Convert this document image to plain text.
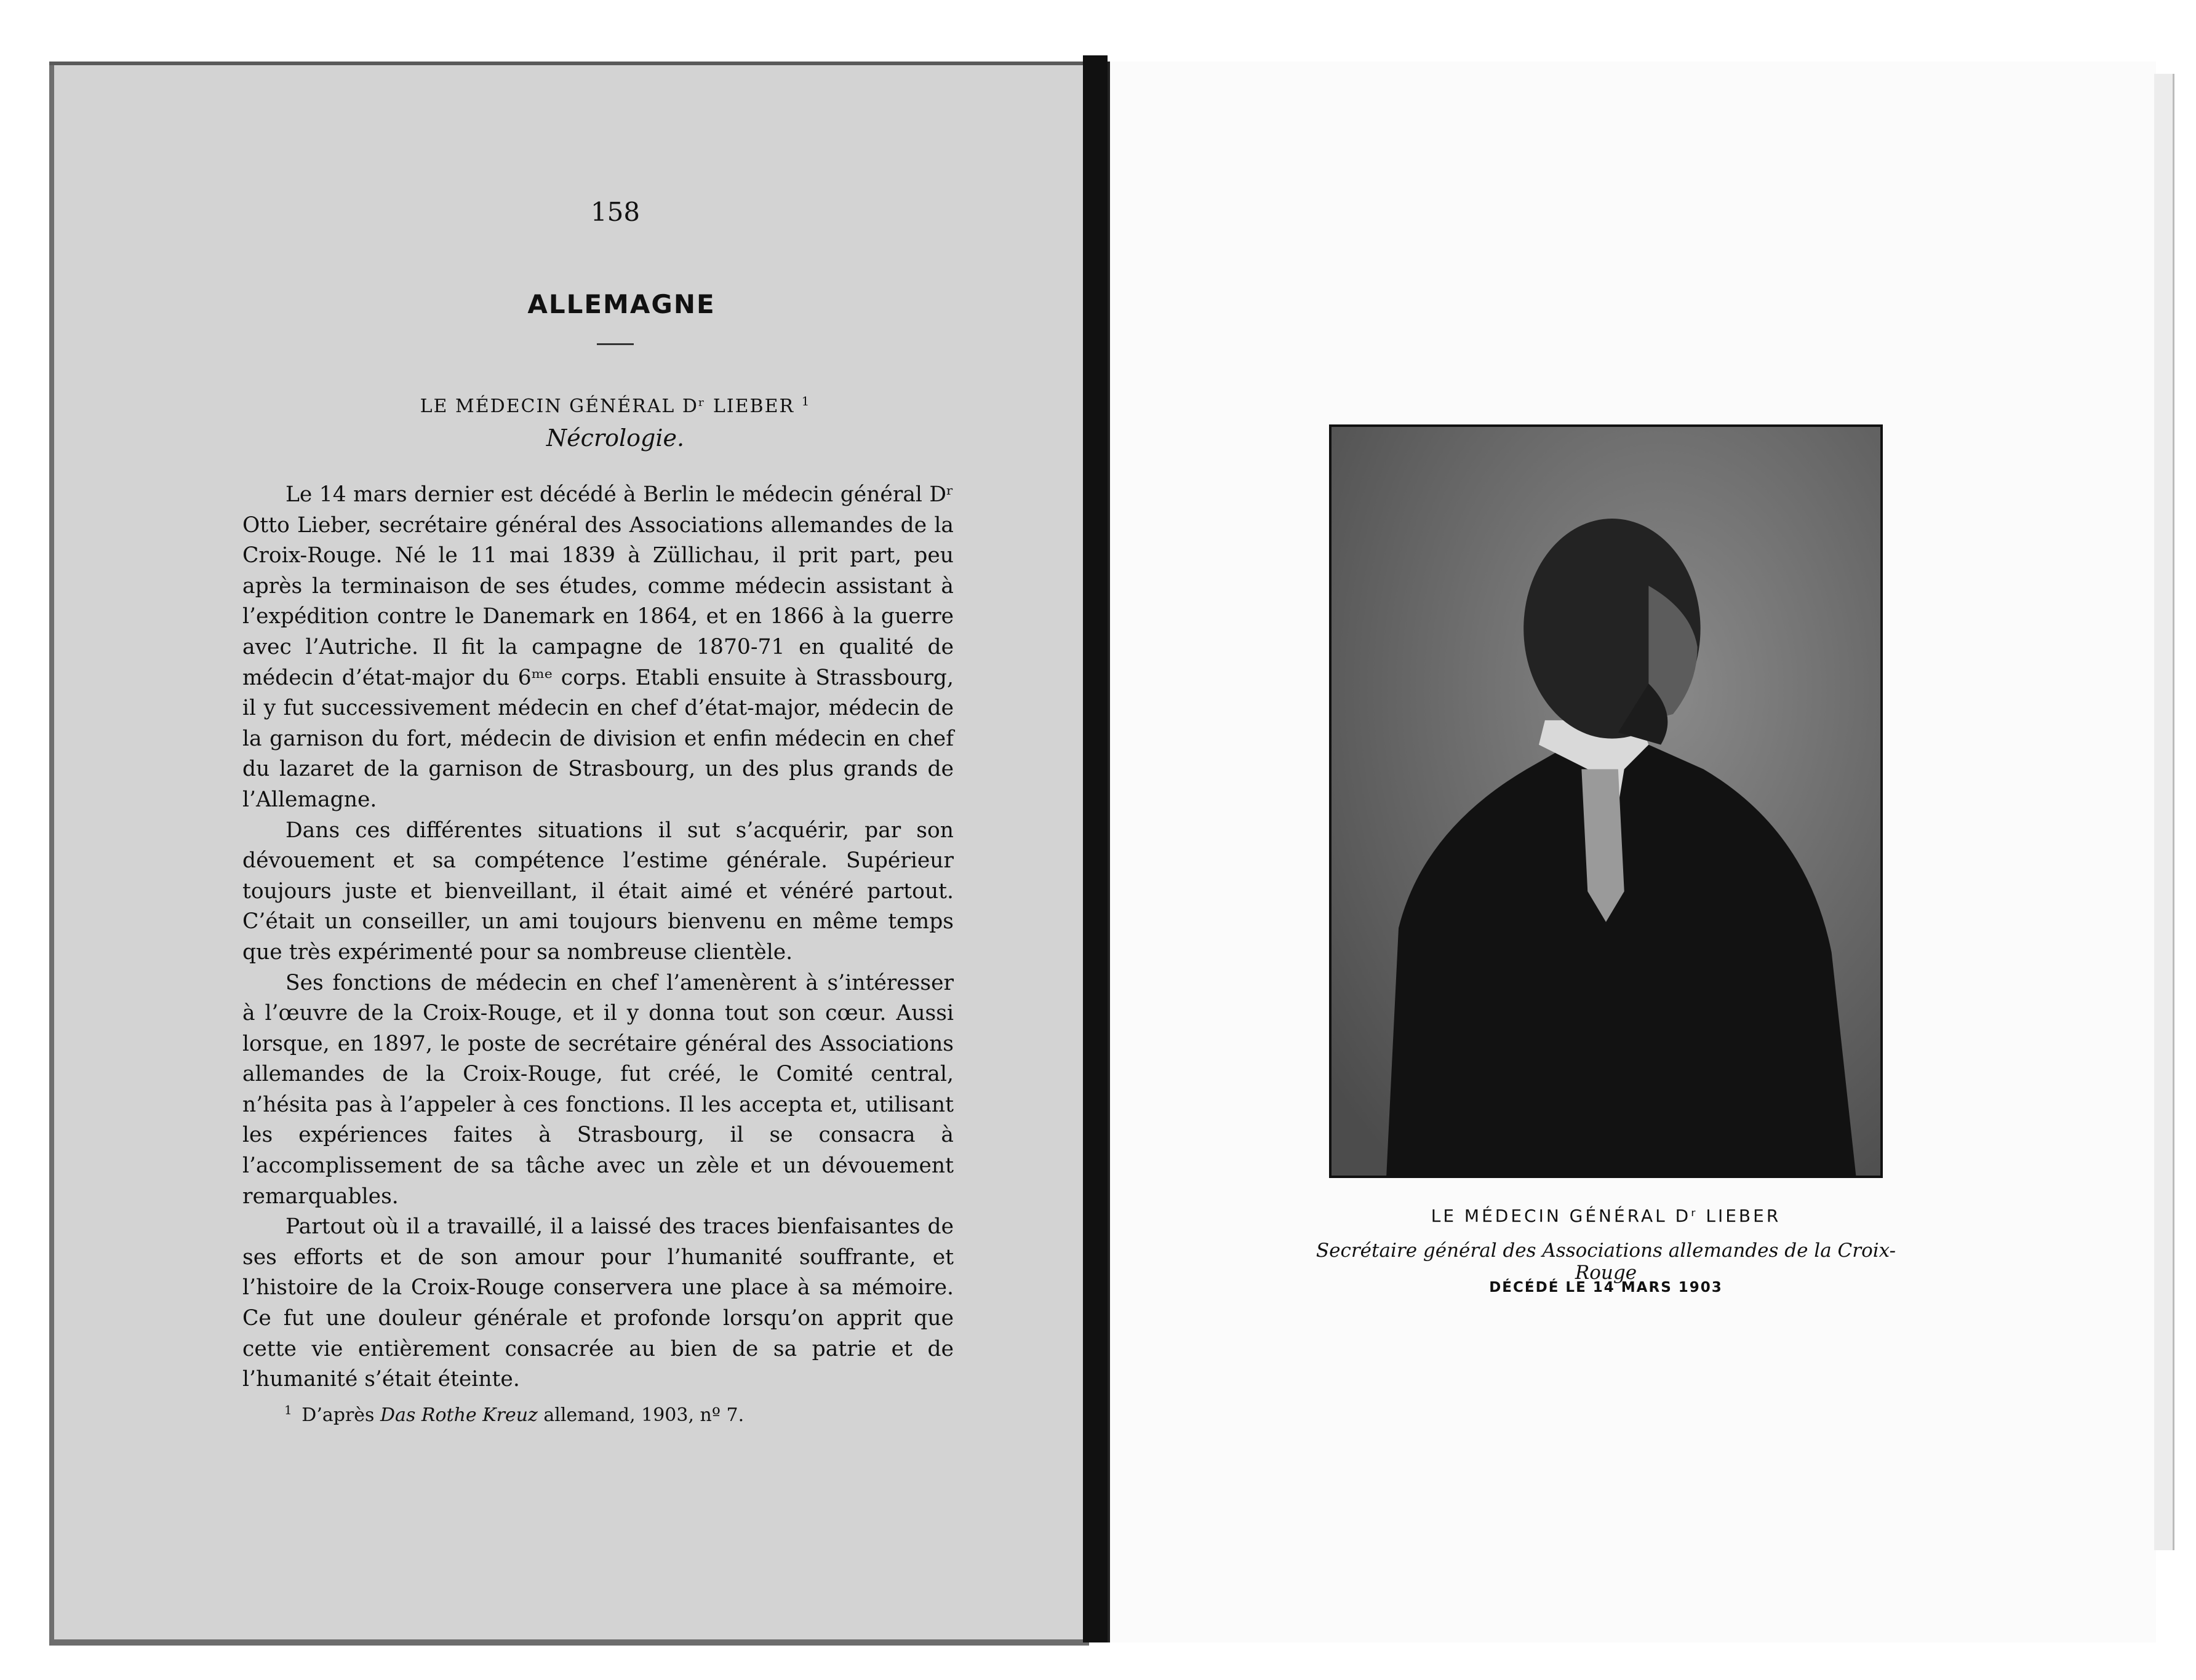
158
ALLEMAGNE
LE MÉDECIN GÉNÉRAL Dʳ LIEBER $^1$
Nécrologie.

Le 14 mars dernier est décédé à Berlin le médecin général Dʳ Otto Lieber, secrétaire général des Associations allemandes de la Croix-Rouge. Né le 11 mai 1839 à Züllichau, il prit part, peu après la terminaison de ses études, comme médecin assistant à l’expédition contre le Danemark en 1864, et en 1866 à la guerre avec l’Autriche. Il fit la campagne de 1870-71 en qualité de médecin d’état-major du 6ᵐᵉ corps. Etabli ensuite à Strassbourg, il y fut successivement médecin en chef d’état-major, médecin de la garnison du fort, médecin de division et enfin médecin en chef du lazaret de la garnison de Strasbourg, un des plus grands de l’Allemagne.

Dans ces différentes situations il sut s’acquérir, par son dévouement et sa compétence l’estime générale. Supérieur toujours juste et bienveillant, il était aimé et vénéré partout. C’était un conseiller, un ami toujours bienvenu en même temps que très expérimenté pour sa nombreuse clientèle.

Ses fonctions de médecin en chef l’amenèrent à s’intéresser à l’œuvre de la Croix-Rouge, et il y donna tout son cœur. Aussi lorsque, en 1897, le poste de secrétaire général des Associations allemandes de la Croix-Rouge, fut créé, le Comité central, n’hésita pas à l’appeler à ces fonctions. Il les accepta et, utilisant les expériences faites à Strasbourg, il se consacra à l’accomplissement de sa tâche avec un zèle et un dévouement remarquables.

Partout où il a travaillé, il a laissé des traces bienfaisantes de ses efforts et de son amour pour l’humanité souffrante, et l’histoire de la Croix-Rouge conservera une place à sa mémoire. Ce fut une douleur générale et profonde lorsqu’on apprit que cette vie entièrement consacrée au bien de sa patrie et de l’humanité s’était éteinte.

$^1$ D’après Das Rothe Kreuz allemand, 1903, nº 7.
LE MÉDECIN GÉNÉRAL Dʳ LIEBER
Secrétaire général des Associations allemandes de la Croix-Rouge
DÉCÉDÉ LE 14 MARS 1903
